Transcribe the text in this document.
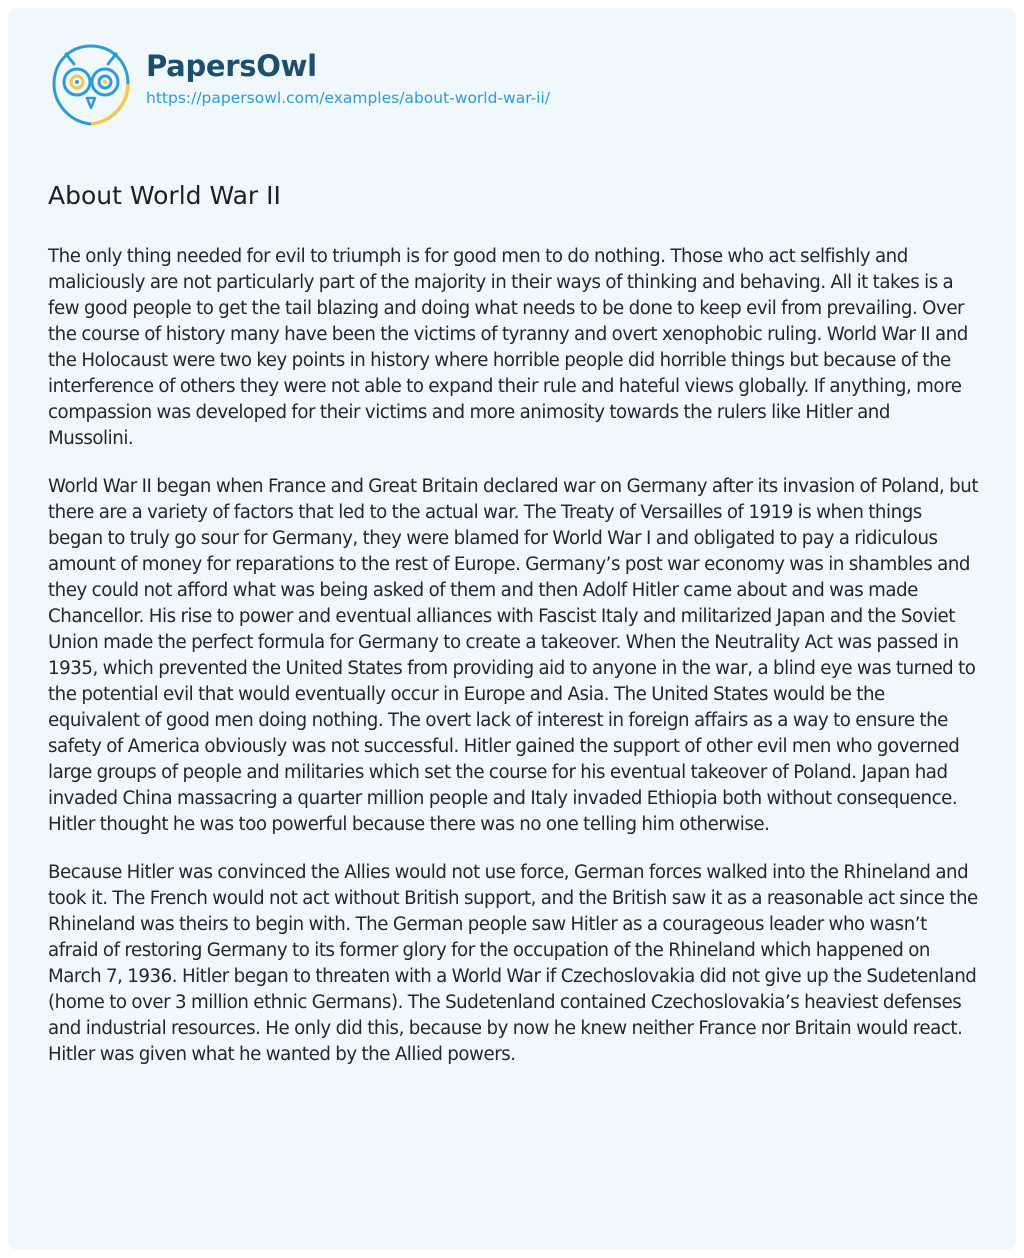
PapersOwl
https://papersowl.com/examples/about-world-war-ii/
About World War II

The only thing needed for evil to triumph is for good men to do nothing. Those who act selfishly and maliciously are not particularly part of the majority in their ways of thinking and behaving. All it takes is a few good people to get the tail blazing and doing what needs to be done to keep evil from prevailing. Over the course of history many have been the victims of tyranny and overt xenophobic ruling. World War II and the Holocaust were two key points in history where horrible people did horrible things but because of the interference of others they were not able to expand their rule and hateful views globally. If anything, more compassion was developed for their victims and more animosity towards the rulers like Hitler and Mussolini.

World War II began when France and Great Britain declared war on Germany after its invasion of Poland, but there are a variety of factors that led to the actual war. The Treaty of Versailles of 1919 is when things began to truly go sour for Germany, they were blamed for World War I and obligated to pay a ridiculous amount of money for reparations to the rest of Europe. Germany’s post war economy was in shambles and they could not afford what was being asked of them and then Adolf Hitler came about and was made Chancellor. His rise to power and eventual alliances with Fascist Italy and militarized Japan and the Soviet Union made the perfect formula for Germany to create a takeover. When the Neutrality Act was passed in 1935, which prevented the United States from providing aid to anyone in the war, a blind eye was turned to the potential evil that would eventually occur in Europe and Asia. The United States would be the equivalent of good men doing nothing. The overt lack of interest in foreign affairs as a way to ensure the safety of America obviously was not successful. Hitler gained the support of other evil men who governed large groups of people and militaries which set the course for his eventual takeover of Poland. Japan had invaded China massacring a quarter million people and Italy invaded Ethiopia both without consequence. Hitler thought he was too powerful because there was no one telling him otherwise.

Because Hitler was convinced the Allies would not use force, German forces walked into the Rhineland and took it. The French would not act without British support, and the British saw it as a reasonable act since the Rhineland was theirs to begin with. The German people saw Hitler as a courageous leader who wasn’t afraid of restoring Germany to its former glory for the occupation of the Rhineland which happened on March 7, 1936. Hitler began to threaten with a World War if Czechoslovakia did not give up the Sudetenland (home to over 3 million ethnic Germans). The Sudetenland contained Czechoslovakia’s heaviest defenses and industrial resources. He only did this, because by now he knew neither France nor Britain would react. Hitler was given what he wanted by the Allied powers.
